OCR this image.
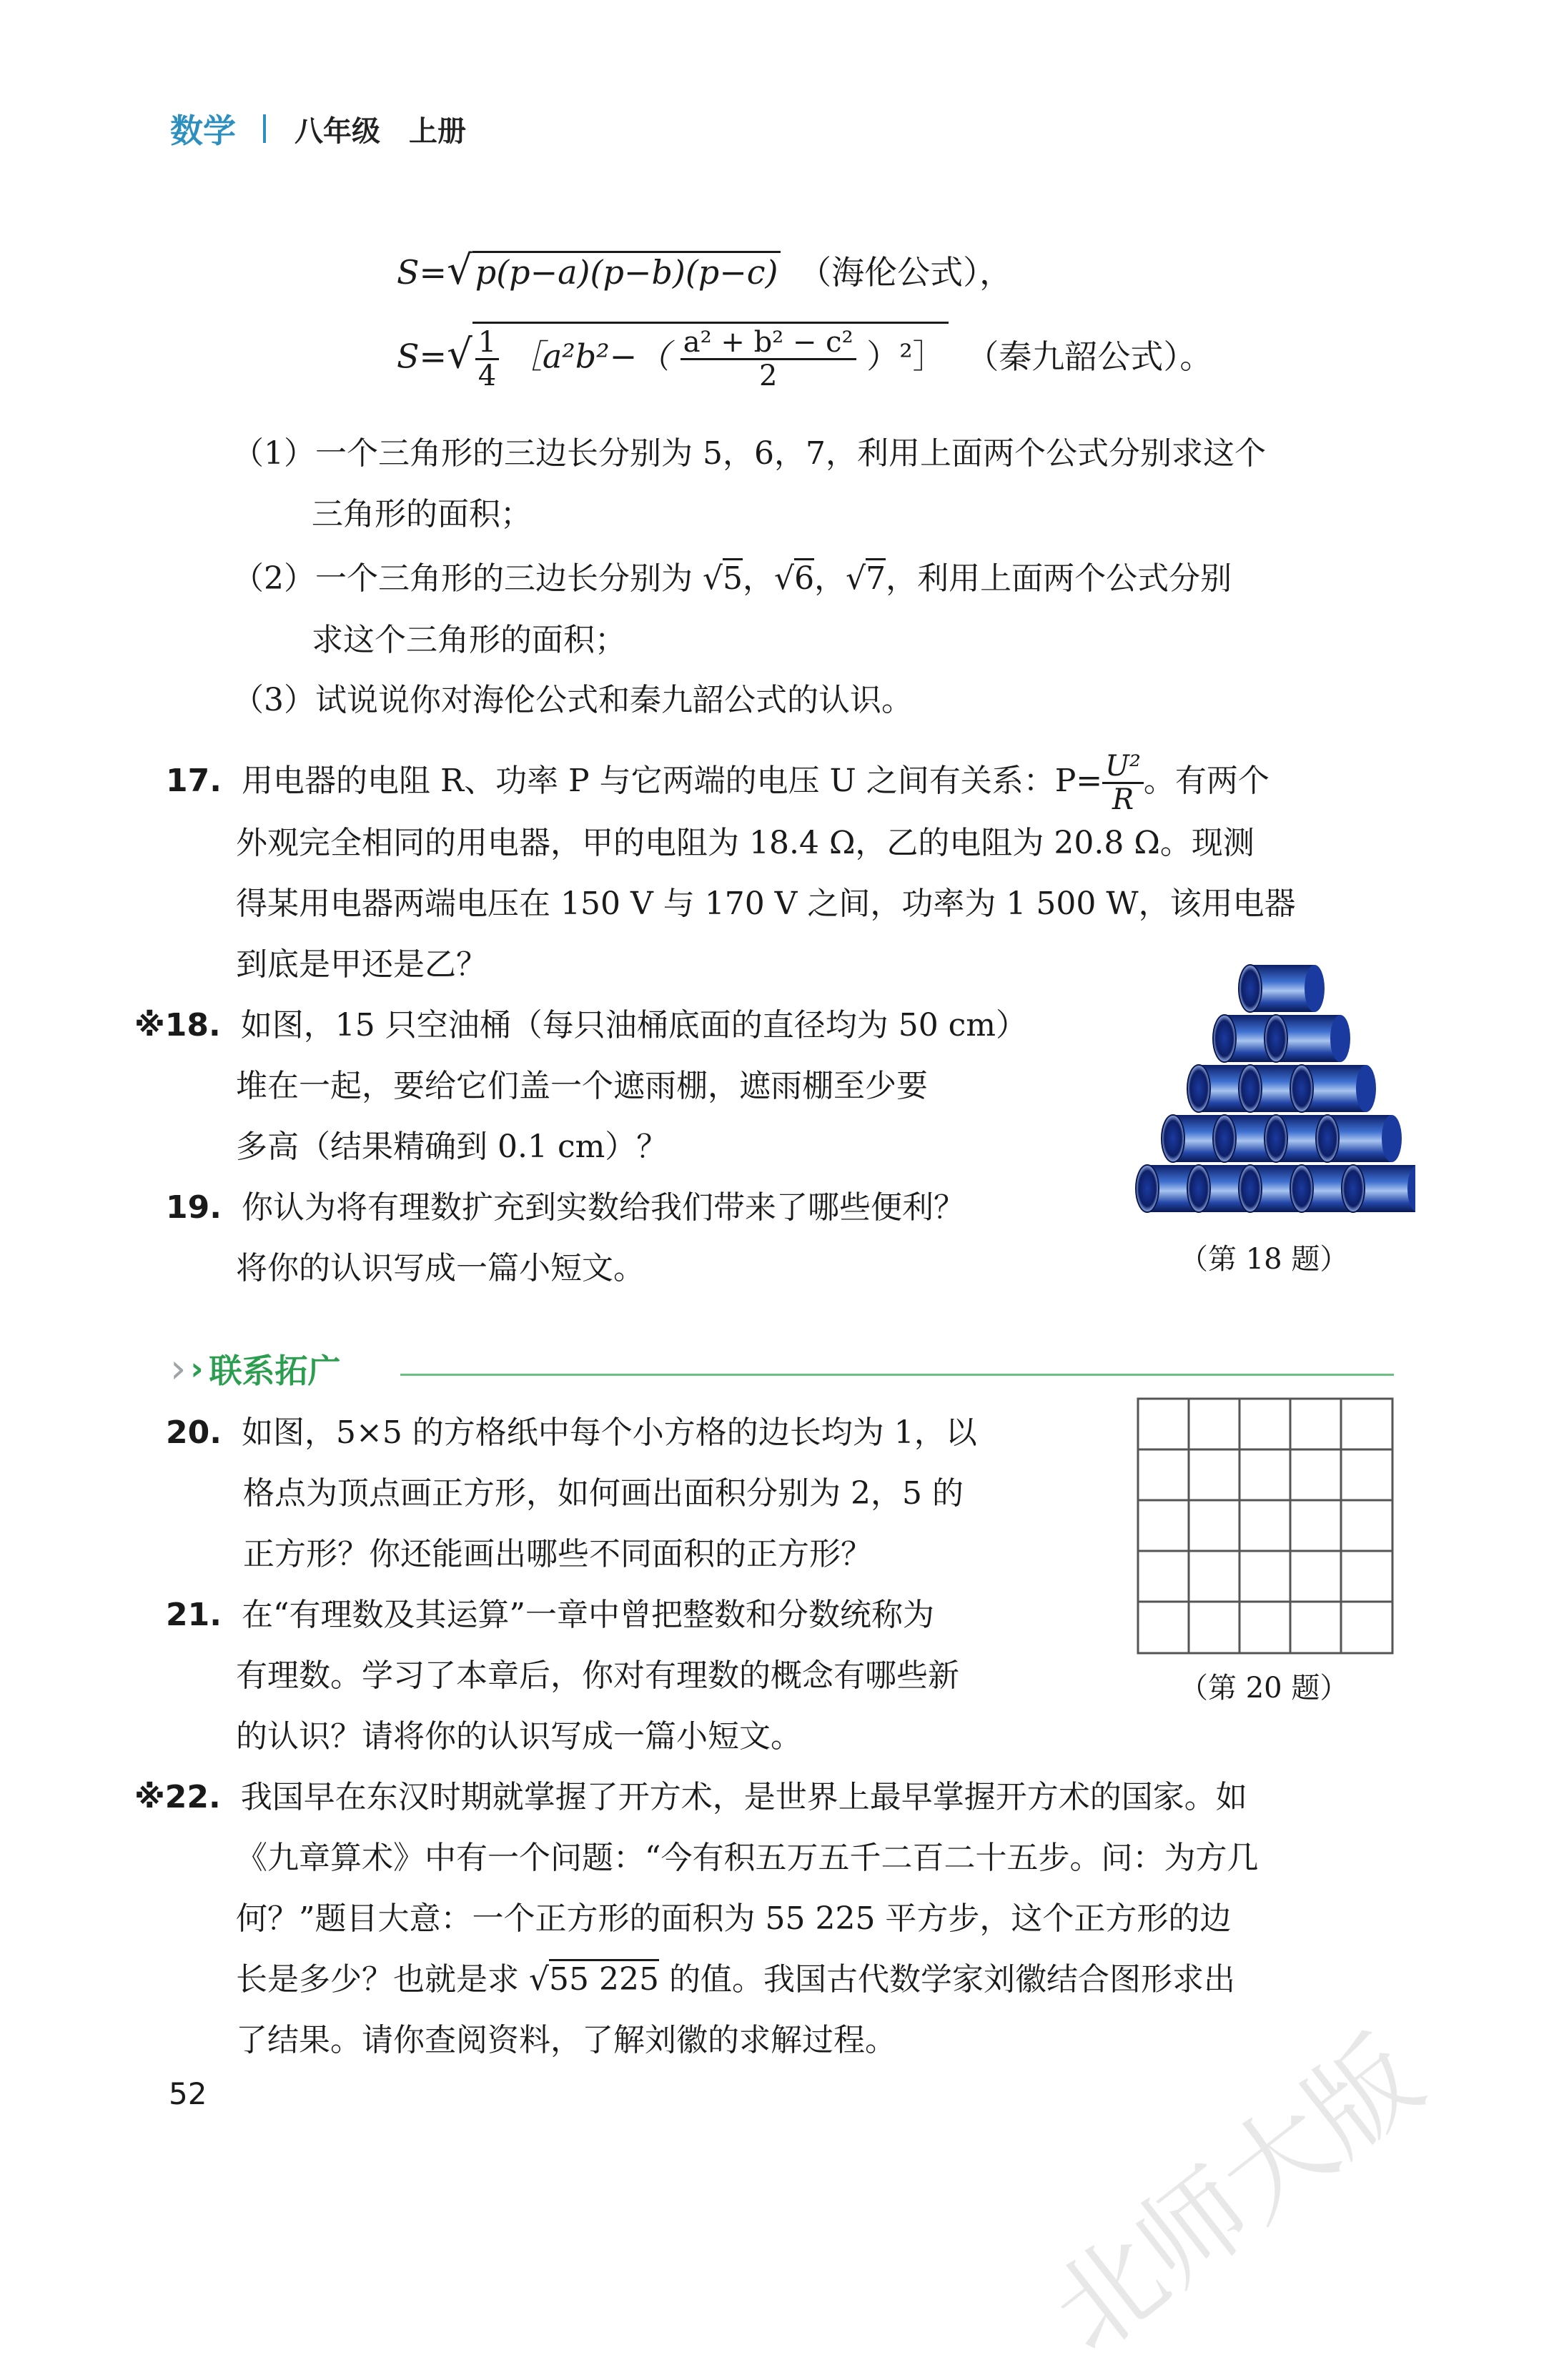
数学 八年级 上册
S=√p(p−a)(p−b)(p−c) （海伦公式），
$S=√ \frac{1}{4}$ ［a²b²−（ $\frac{\text{a² + b² − c²}}{2}$ ）²］ （秦九韶公式）。
（1）一个三角形的三边长分别为 5，6，7，利用上面两个公式分别求这个
三角形的面积；
（2）一个三角形的三边长分别为 √5，√6，√7，利用上面两个公式分别
求这个三角形的面积；
（3）试说说你对海伦公式和秦九韶公式的认识。
17. 用电器的电阻 R、功率 P 与它两端的电压 U 之间有关系：$P= \frac{\text{U²}}{R}$ 。有两个
外观完全相同的用电器，甲的电阻为 18.4 Ω，乙的电阻为 20.8 Ω。现测
得某用电器两端电压在 150 V 与 170 V 之间，功率为 1 500 W，该用电器
到底是甲还是乙？
※18. 如图，15 只空油桶（每只油桶底面的直径均为 50 cm）
堆在一起，要给它们盖一个遮雨棚，遮雨棚至少要
多高（结果精确到 0.1 cm）？
（第 18 题）
19. 你认为将有理数扩充到实数给我们带来了哪些便利？
将你的认识写成一篇小短文。
› › 联系拓广
20. 如图，5×5 的方格纸中每个小方格的边长均为 1，以
格点为顶点画正方形，如何画出面积分别为 2，5 的
正方形？你还能画出哪些不同面积的正方形？
（第 20 题）
21. 在“有理数及其运算”一章中曾把整数和分数统称为
有理数。学习了本章后，你对有理数的概念有哪些新
的认识？请将你的认识写成一篇小短文。
※22. 我国早在东汉时期就掌握了开方术，是世界上最早掌握开方术的国家。如
《九章算术》中有一个问题：“今有积五万五千二百二十五步。问：为方几
何？”题目大意：一个正方形的面积为 55 225 平方步，这个正方形的边
长是多少？也就是求 √55 225 的值。我国古代数学家刘徽结合图形求出
了结果。请你查阅资料，了解刘徽的求解过程。
52	北师大版
